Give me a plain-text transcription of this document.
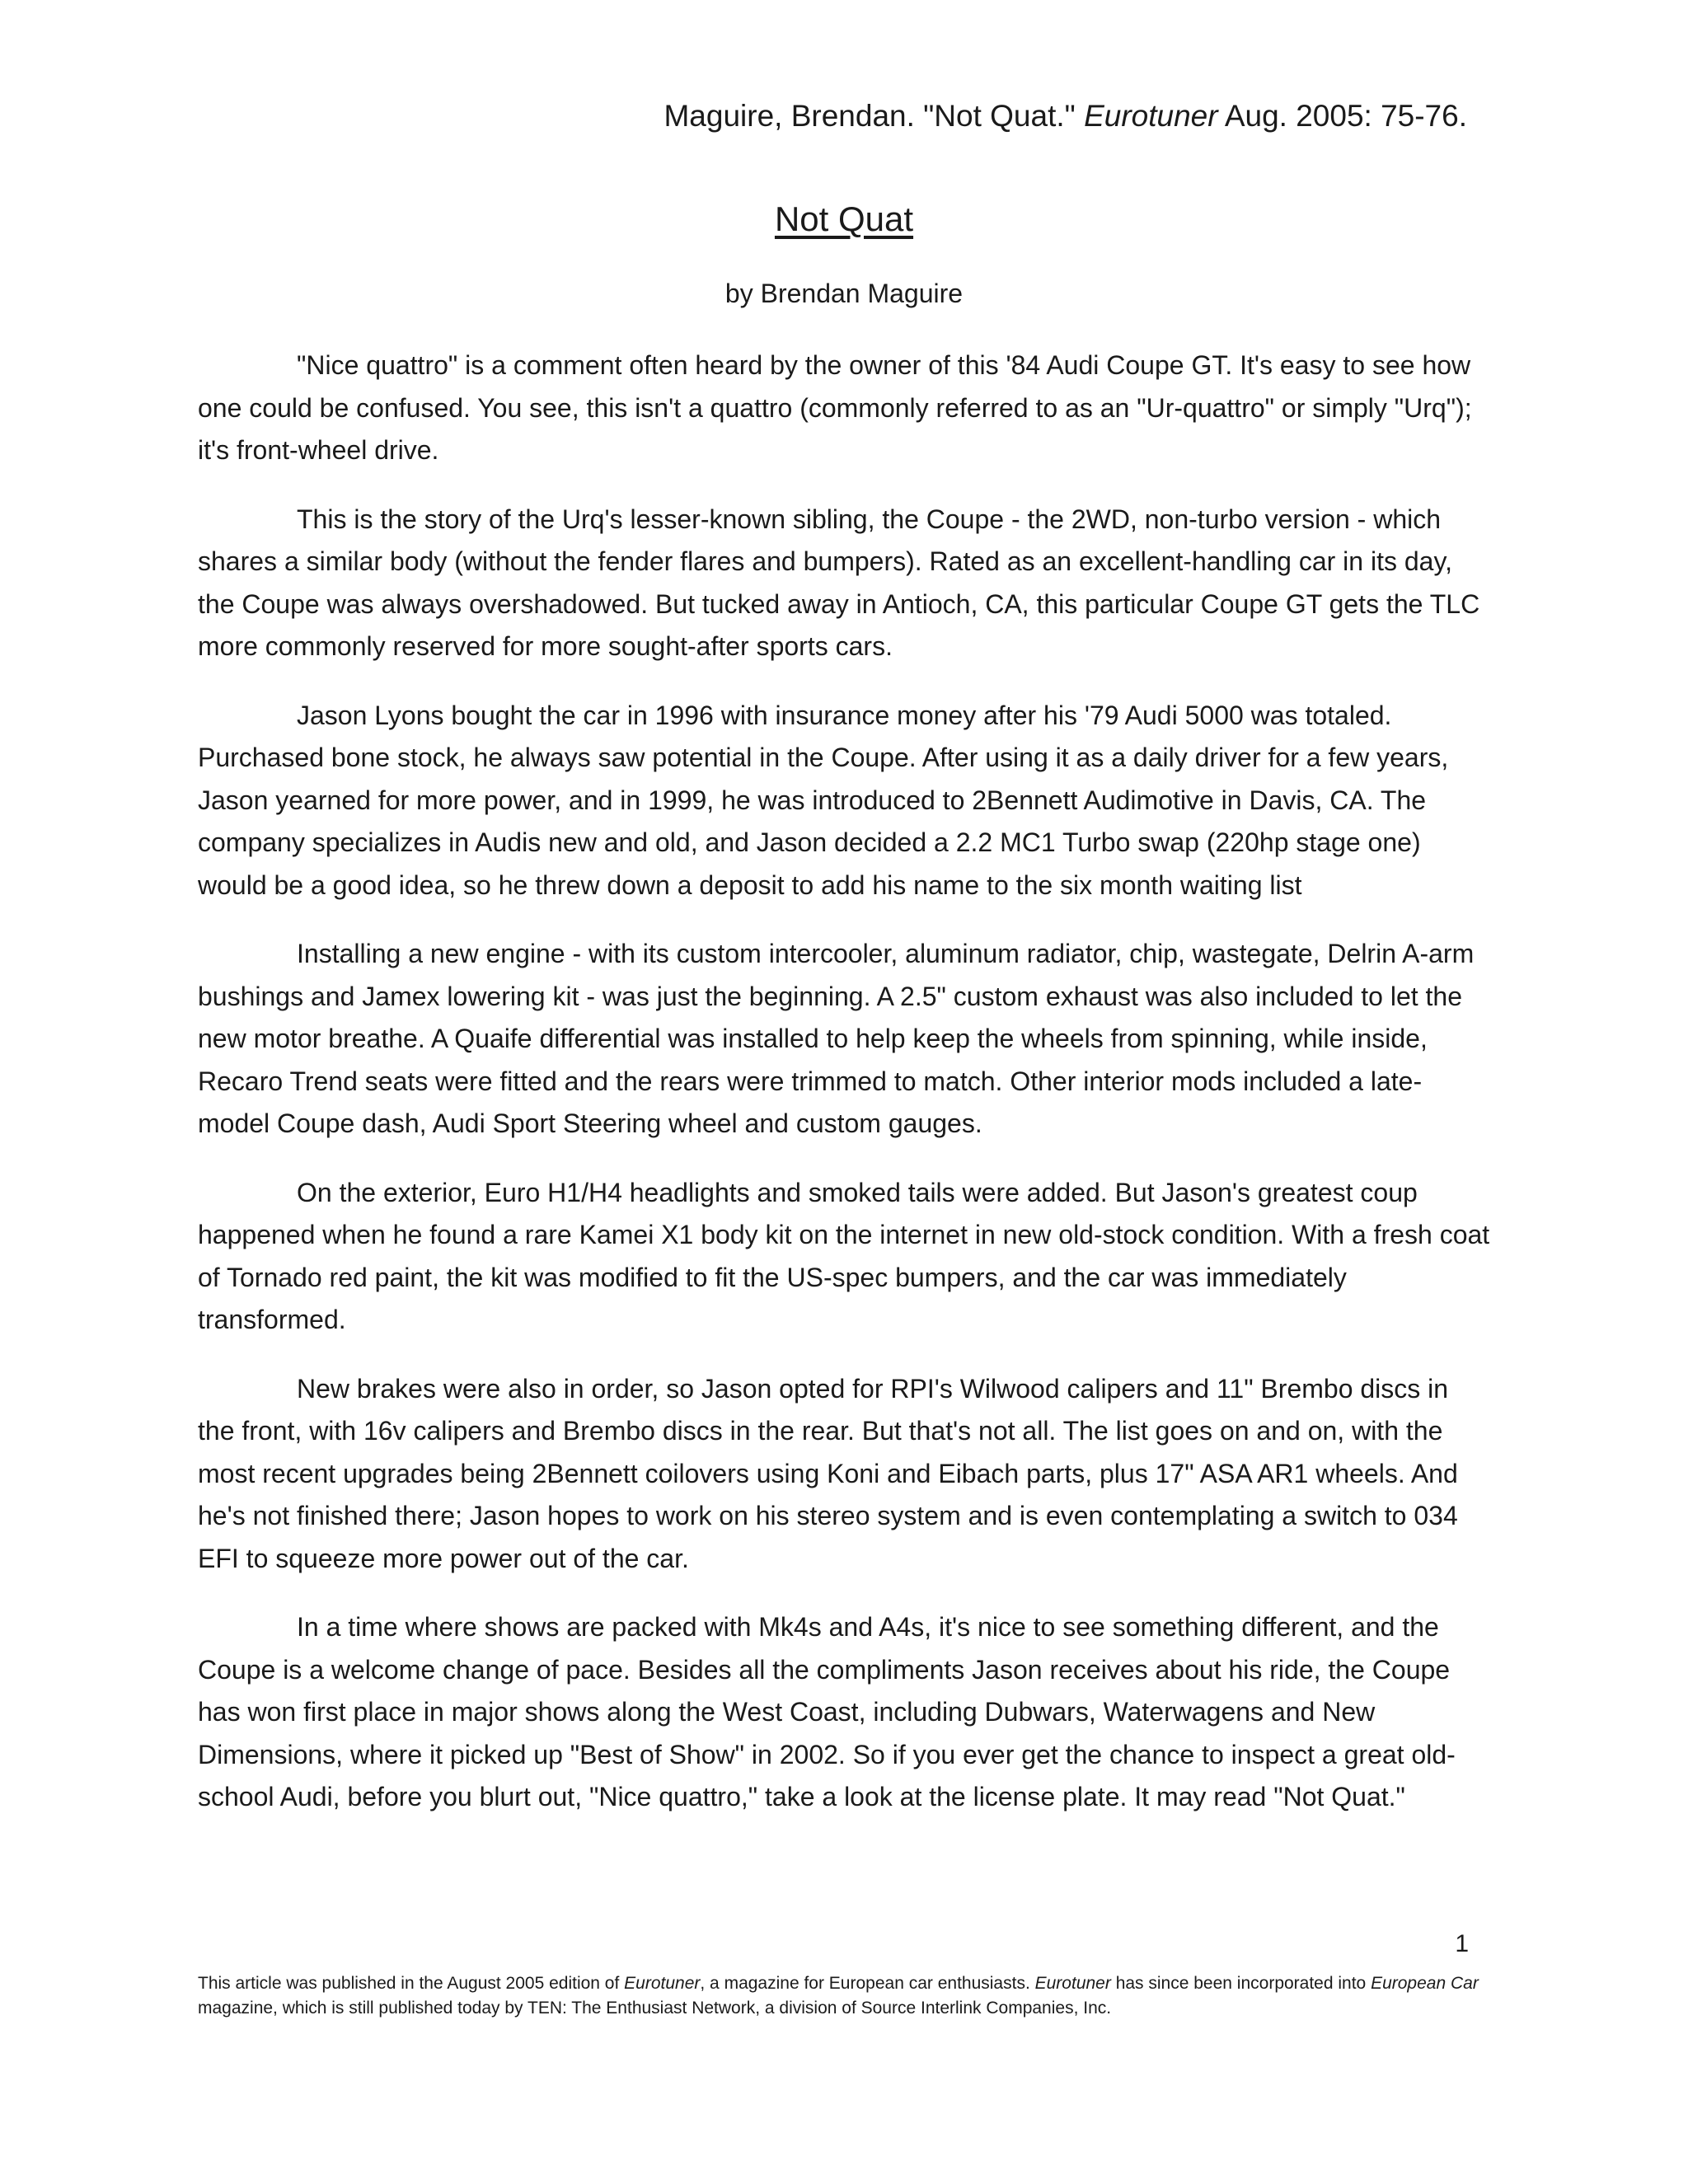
Maguire, Brendan. "Not Quat." Eurotuner Aug. 2005: 75-76.
Not Quat
by Brendan Maguire

"Nice quattro" is a comment often heard by the owner of this '84 Audi Coupe GT. It's easy to see how one could be confused. You see, this isn't a quattro (commonly referred to as an "Ur-quattro" or simply "Urq"); it's front-wheel drive.

This is the story of the Urq's lesser-known sibling, the Coupe - the 2WD, non-turbo version - which shares a similar body (without the fender flares and bumpers). Rated as an excellent-handling car in its day, the Coupe was always overshadowed. But tucked away in Antioch, CA, this particular Coupe GT gets the TLC more commonly reserved for more sought-after sports cars.

Jason Lyons bought the car in 1996 with insurance money after his '79 Audi 5000 was totaled. Purchased bone stock, he always saw potential in the Coupe. After using it as a daily driver for a few years, Jason yearned for more power, and in 1999, he was introduced to 2Bennett Audimotive in Davis, CA. The company specializes in Audis new and old, and Jason decided a 2.2 MC1 Turbo swap (220hp stage one) would be a good idea, so he threw down a deposit to add his name to the six month waiting list

Installing a new engine - with its custom intercooler, aluminum radiator, chip, wastegate, Delrin A-arm bushings and Jamex lowering kit - was just the beginning. A 2.5" custom exhaust was also included to let the new motor breathe. A Quaife differential was installed to help keep the wheels from spinning, while inside, Recaro Trend seats were fitted and the rears were trimmed to match. Other interior mods included a late-model Coupe dash, Audi Sport Steering wheel and custom gauges.

On the exterior, Euro H1/H4 headlights and smoked tails were added. But Jason's greatest coup happened when he found a rare Kamei X1 body kit on the internet in new old-stock condition. With a fresh coat of Tornado red paint, the kit was modified to fit the US-spec bumpers, and the car was immediately transformed.

New brakes were also in order, so Jason opted for RPI's Wilwood calipers and 11" Brembo discs in the front, with 16v calipers and Brembo discs in the rear. But that's not all. The list goes on and on, with the most recent upgrades being 2Bennett coilovers using Koni and Eibach parts, plus 17" ASA AR1 wheels. And he's not finished there; Jason hopes to work on his stereo system and is even contemplating a switch to 034 EFI to squeeze more power out of the car.

In a time where shows are packed with Mk4s and A4s, it's nice to see something different, and the Coupe is a welcome change of pace. Besides all the compliments Jason receives about his ride, the Coupe has won first place in major shows along the West Coast, including Dubwars, Waterwagens and New Dimensions, where it picked up "Best of Show" in 2002. So if you ever get the chance to inspect a great old-school Audi, before you blurt out, "Nice quattro," take a look at the license plate. It may read "Not Quat."

1
This article was published in the August 2005 edition of Eurotuner, a magazine for European car enthusiasts. Eurotuner has since been incorporated into European Car magazine, which is still published today by TEN: The Enthusiast Network, a division of Source Interlink Companies, Inc.
